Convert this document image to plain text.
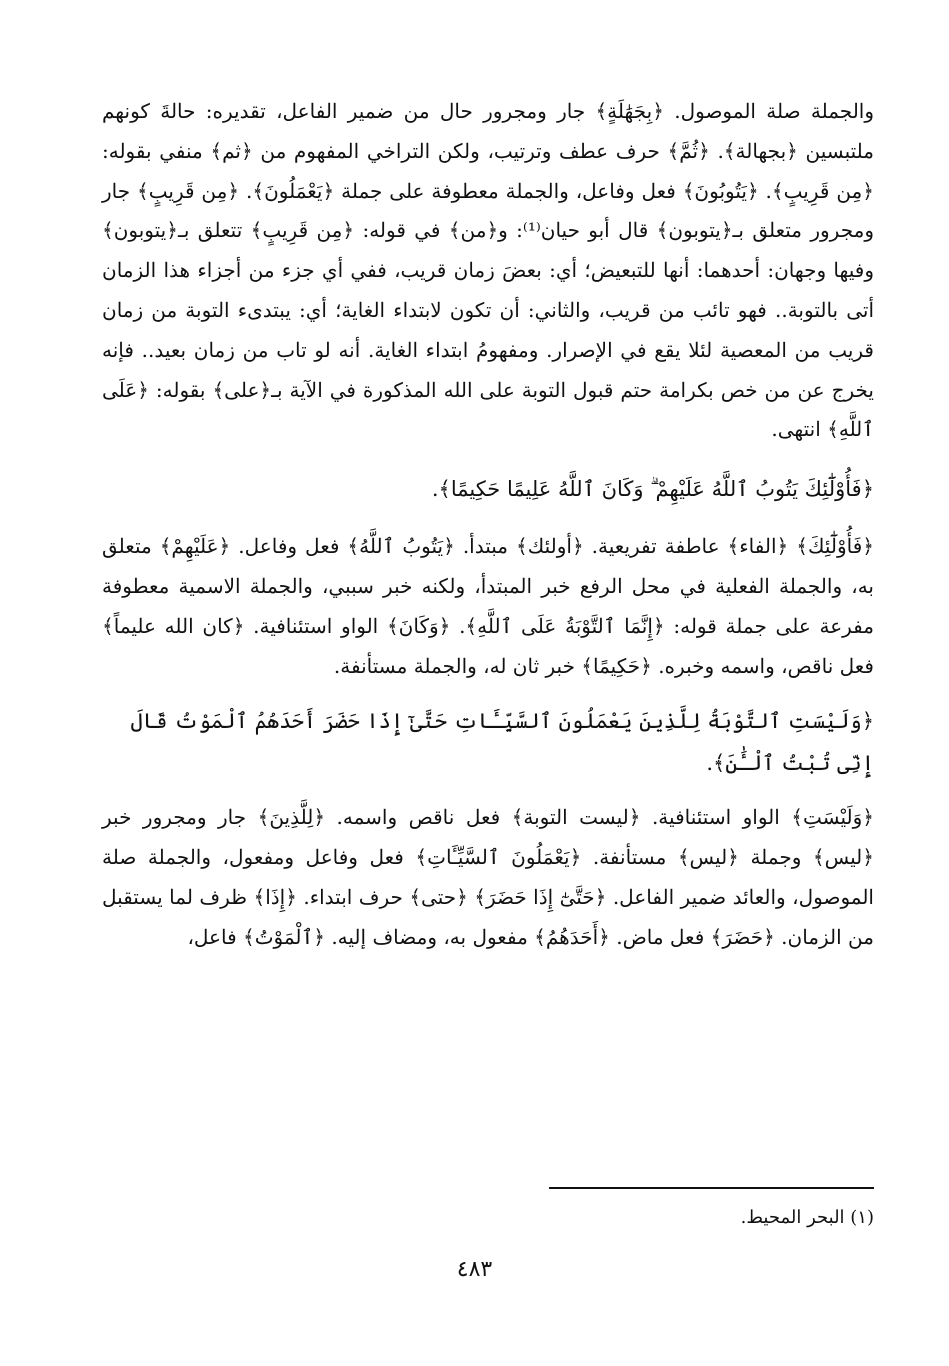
والجملة صلة الموصول. ﴿بِجَهَٰلَةٍ﴾ جار ومجرور حال من ضمير الفاعل، تقديره: حالةَ كونهم ملتبسين ﴿بجهالة﴾. ﴿ثُمَّ﴾ حرف عطف وترتيب، ولكن التراخي المفهوم من ﴿ثم﴾ منفي بقوله: ﴿مِن قَرِيبٍ﴾. ﴿يَتُوبُونَ﴾ فعل وفاعل، والجملة معطوفة على جملة ﴿يَعْمَلُونَ﴾. ﴿مِن قَرِيبٍ﴾ جار ومجرور متعلق بـ﴿يتوبون﴾ قال أبو حيان⁽¹⁾: و﴿من﴾ في قوله: ﴿مِن قَرِيبٍ﴾ تتعلق بـ﴿يتوبون﴾ وفيها وجهان: أحدهما: أنها للتبعيض؛ أي: بعضَ زمان قريب، ففي أي جزء من أجزاء هذا الزمان أتى بالتوبة.. فهو تائب من قريب، والثاني: أن تكون لابتداء الغاية؛ أي: يبتدىء التوبة من زمان قريب من المعصية لئلا يقع في الإصرار. ومفهومُ ابتداء الغاية. أنه لو تاب من زمان بعيد.. فإنه يخرج عن من خص بكرامة حتم قبول التوبة على الله المذكورة في الآية بـ﴿على﴾ بقوله: ﴿عَلَى ٱللَّهِ﴾ انتهى.

﴿فَأُوْلَٰٓئِكَ يَتُوبُ ٱللَّهُ عَلَيْهِمْ ۗ وَكَانَ ٱللَّهُ عَلِيمًا حَكِيمًا﴾.

﴿فَأُوْلَٰٓئِكَ﴾ ﴿الفاء﴾ عاطفة تفريعية. ﴿أولئك﴾ مبتدأ. ﴿يَتُوبُ ٱللَّهُ﴾ فعل وفاعل. ﴿عَلَيْهِمْ﴾ متعلق به، والجملة الفعلية في محل الرفع خبر المبتدأ، ولكنه خبر سببي، والجملة الاسمية معطوفة مفرعة على جملة قوله: ﴿إِنَّمَا ٱلتَّوْبَةُ عَلَى ٱللَّهِ﴾. ﴿وَكَانَ﴾ الواو استئنافية. ﴿كان الله عليماً﴾ فعل ناقص، واسمه وخبره. ﴿حَكِيمًا﴾ خبر ثان له، والجملة مستأنفة.

﴿وَلَيْسَتِ ٱلتَّوْبَةُ لِلَّذِينَ يَعْمَلُونَ ٱلسَّيِّـَٔاتِ حَتَّىٰٓ إِذَا حَضَرَ أَحَدَهُمُ ٱلْمَوْتُ قَالَ إِنِّى تُبْتُ ٱلْـَٰٔنَ﴾.

﴿وَلَيْسَتِ﴾ الواو استئنافية. ﴿ليست التوبة﴾ فعل ناقص واسمه. ﴿لِلَّذِينَ﴾ جار ومجرور خبر ﴿ليس﴾ وجملة ﴿ليس﴾ مستأنفة. ﴿يَعْمَلُونَ ٱلسَّيِّـَٔاتِ﴾ فعل وفاعل ومفعول، والجملة صلة الموصول، والعائد ضمير الفاعل. ﴿حَتَّىٰٓ إِذَا حَضَرَ﴾ ﴿حتى﴾ حرف ابتداء. ﴿إِذَا﴾ ظرف لما يستقبل من الزمان. ﴿حَضَرَ﴾ فعل ماض. ﴿أَحَدَهُمُ﴾ مفعول به، ومضاف إليه. ﴿ٱلْمَوْتُ﴾ فاعل،

(١) البحر المحيط.

٤٨٣
